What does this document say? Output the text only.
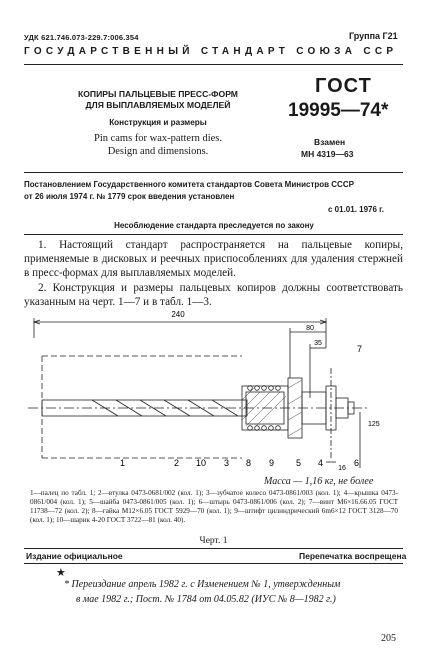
УДК 621.746.073-229.7:006.354	Группа Г21
ГОСУДАРСТВЕННЫЙ СТАНДАРТ СОЮЗА ССР
КОПИРЫ ПАЛЬЦЕВЫЕ ПРЕСС-ФОРМ
ДЛЯ ВЫПЛАВЛЯЕМЫХ МОДЕЛЕЙ
Конструкция и размеры
Pin cams for wax-pattern dies.
Design and dimensions.
ГОСТ
19995—74*
Взамен
МН 4319—63
Постановлением Государственного комитета стандартов Совета Министров СССР
от 26 июля 1974 г. № 1779 срок введения установлен
с 01.01. 1976 г.
Несоблюдение стандарта преследуется по закону
1. Настоящий стандарт распространяется на пальцевые копиры, применяемые в дисковых и реечных приспособлениях для удаления стержней в пресс-формах для выплавляемых моделей.
2. Конструкция и размеры пальцевых копиров должны соответствовать указанным на черт. 1—7 и в табл. 1—3.
240
80
35
16
125
1	2 10 3 8 9 5 4	6
7
Масса — 1,16 кг, не более
1—палец по табл. 1; 2—втулка 0473-0681/002 (кол. 1); 3—зубчатое колесо 0473-0861/003 (кол. 1); 4—крышка 0473-0861/004 (кол. 1); 5—шайба 0473-0861/005 (кол. 1); 6—штырь 0473-0861/006 (кол. 2); 7—винт M6×16.66.05 ГОСТ 11738—72 (кол. 2); 8—гайка M12×6.05 ГОСТ 5929—70 (кол. 1); 9—штифт цилиндрический 6m6×12 ГОСТ 3128—70 (кол. 1); 10—шарик 4-20 ГОСТ 3722—81 (кол. 40).
Черт. 1
Издание официальное	Перепечатка воспрещена
★
* Переиздание апрель 1982 г. с Изменением № 1, утвержденным
в мае 1982 г.; Пост. № 1784 от 04.05.82 (ИУС № 8—1982 г.)
205
